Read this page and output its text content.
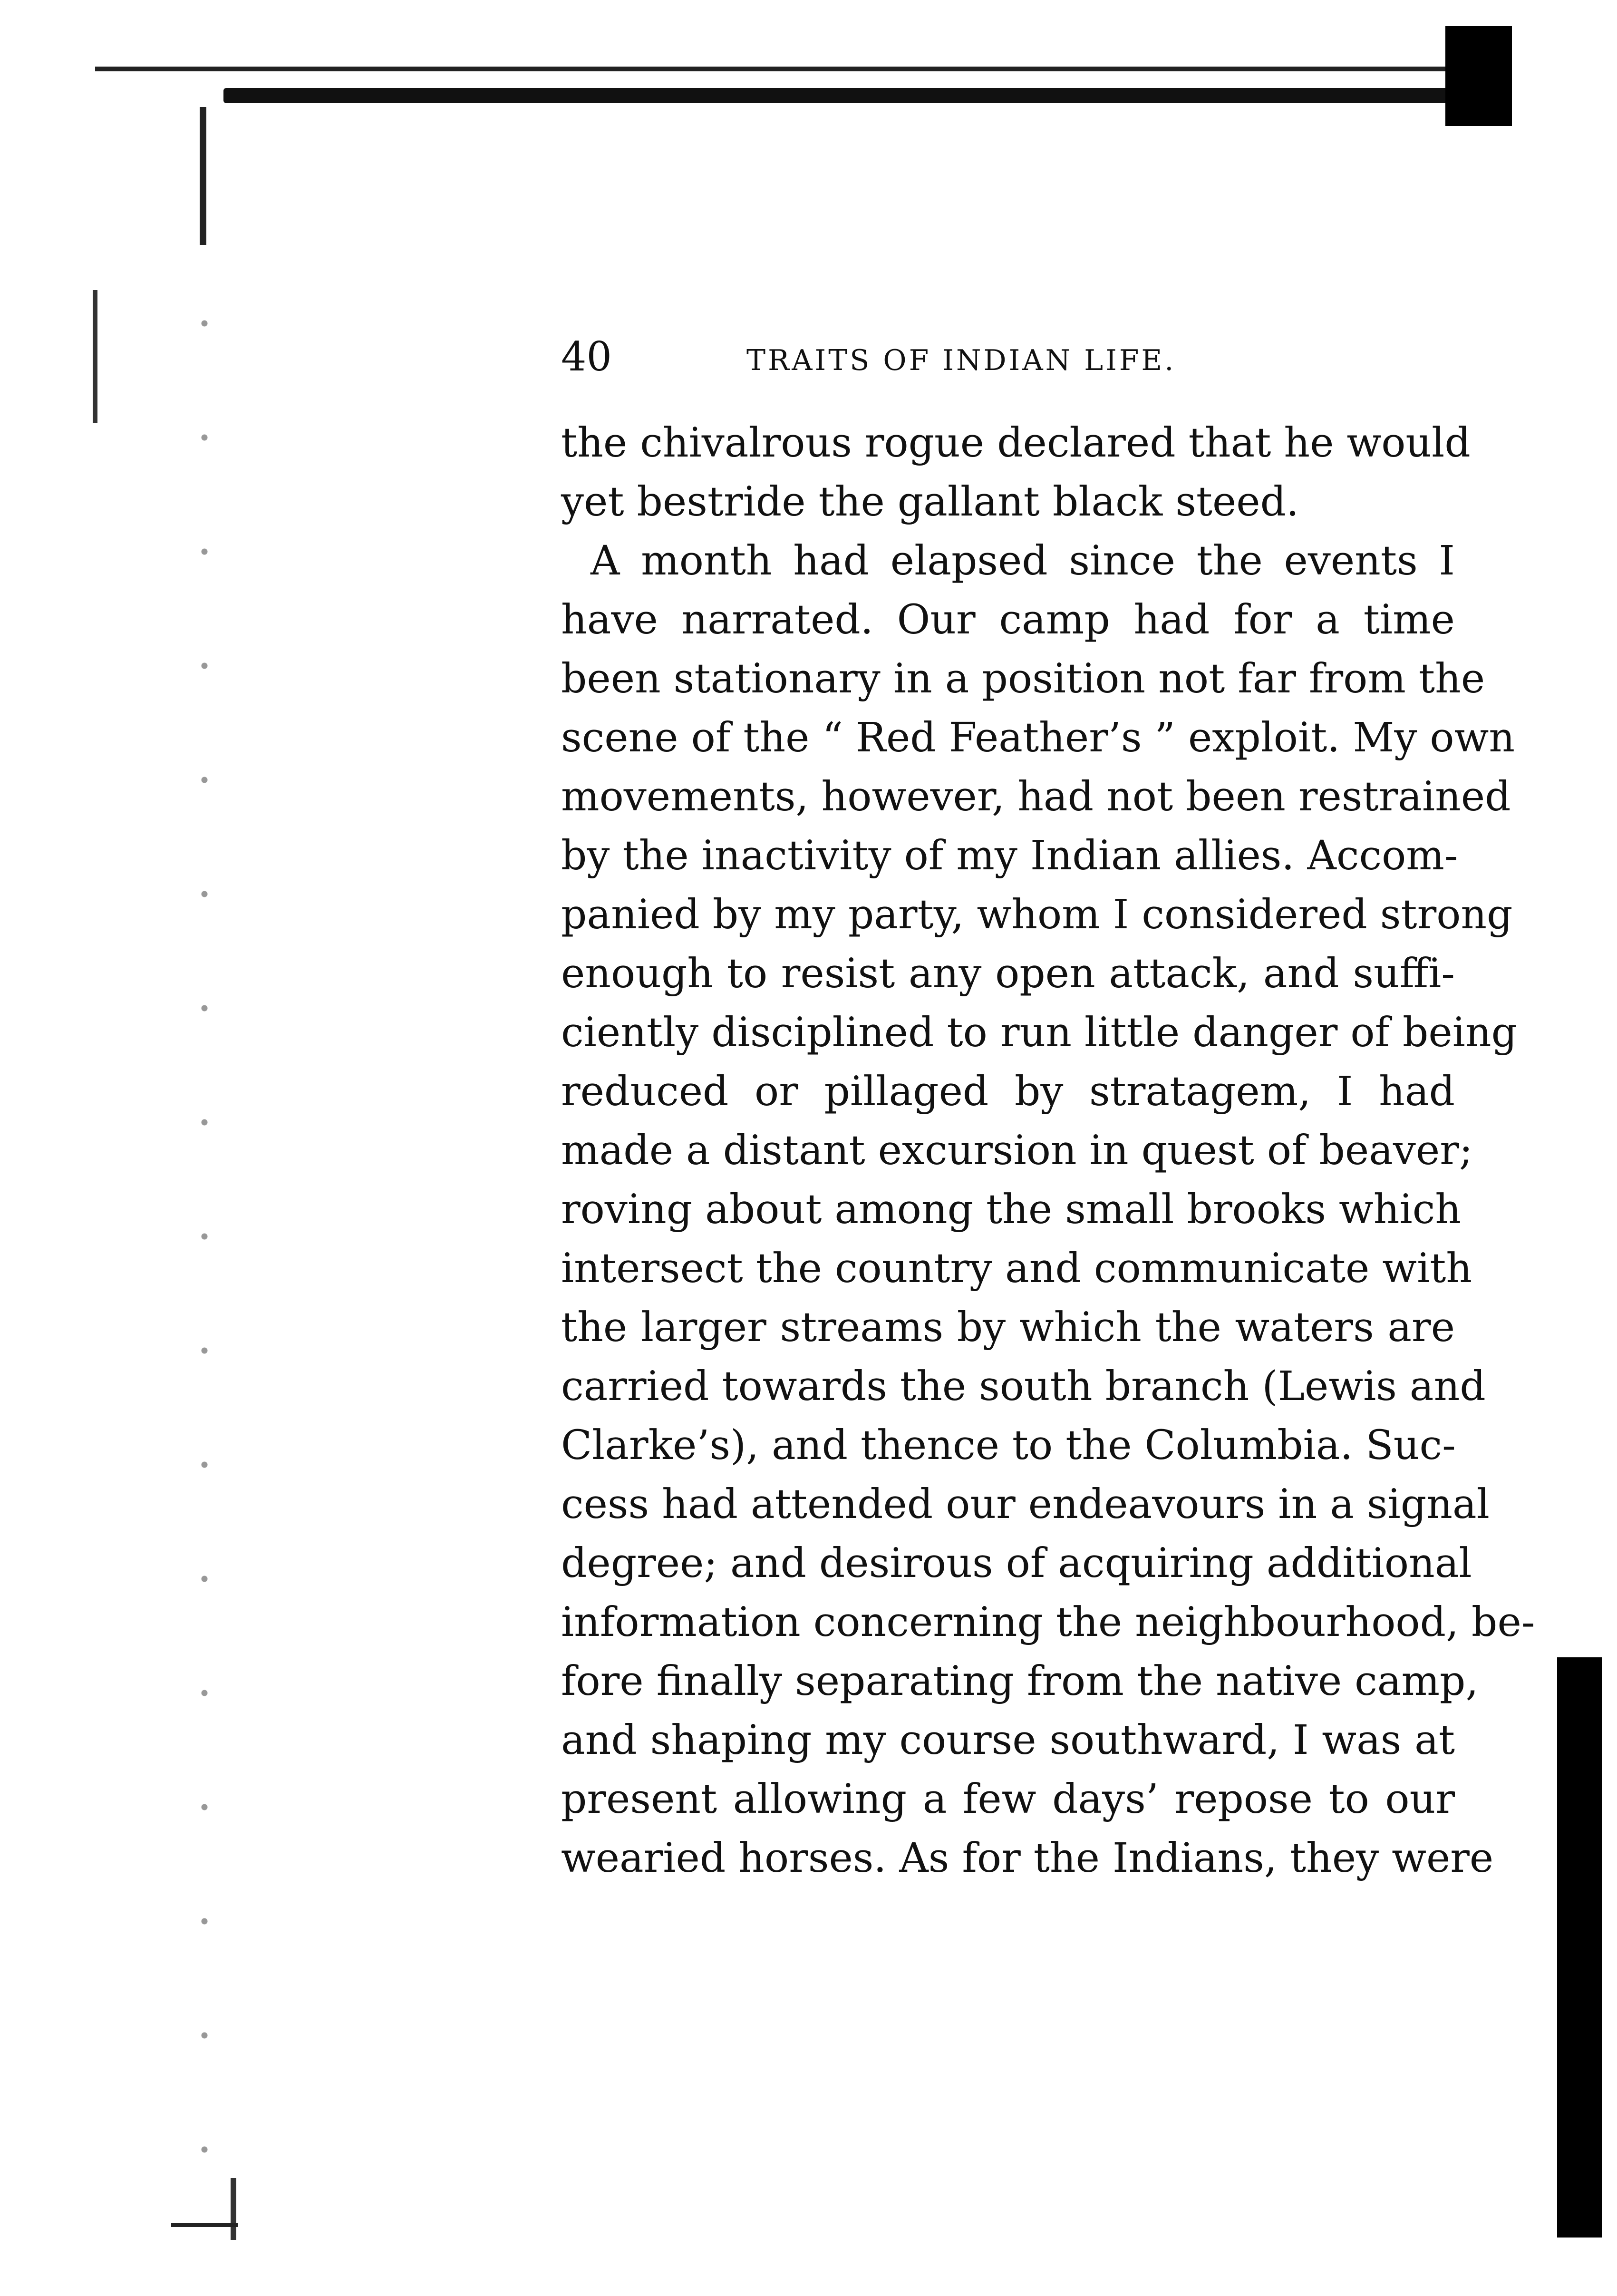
40	TRAITS OF INDIAN LIFE.
the chivalrous rogue declared that he would
yet bestride the gallant black steed.
A month had elapsed since the events I
have narrated. Our camp had for a time
been stationary in a position not far from the
scene of the “ Red Feather’s ” exploit. My own
movements, however, had not been restrained
by the inactivity of my Indian allies. Accom-
panied by my party, whom I considered strong
enough to resist any open attack, and suffi-
ciently disciplined to run little danger of being
reduced or pillaged by stratagem, I had
made a distant excursion in quest of beaver;
roving about among the small brooks which
intersect the country and communicate with
the larger streams by which the waters are
carried towards the south branch (Lewis and
Clarke’s), and thence to the Columbia. Suc-
cess had attended our endeavours in a signal
degree; and desirous of acquiring additional
information concerning the neighbourhood, be-
fore finally separating from the native camp,
and shaping my course southward, I was at
present allowing a few days’ repose to our
wearied horses. As for the Indians, they were
